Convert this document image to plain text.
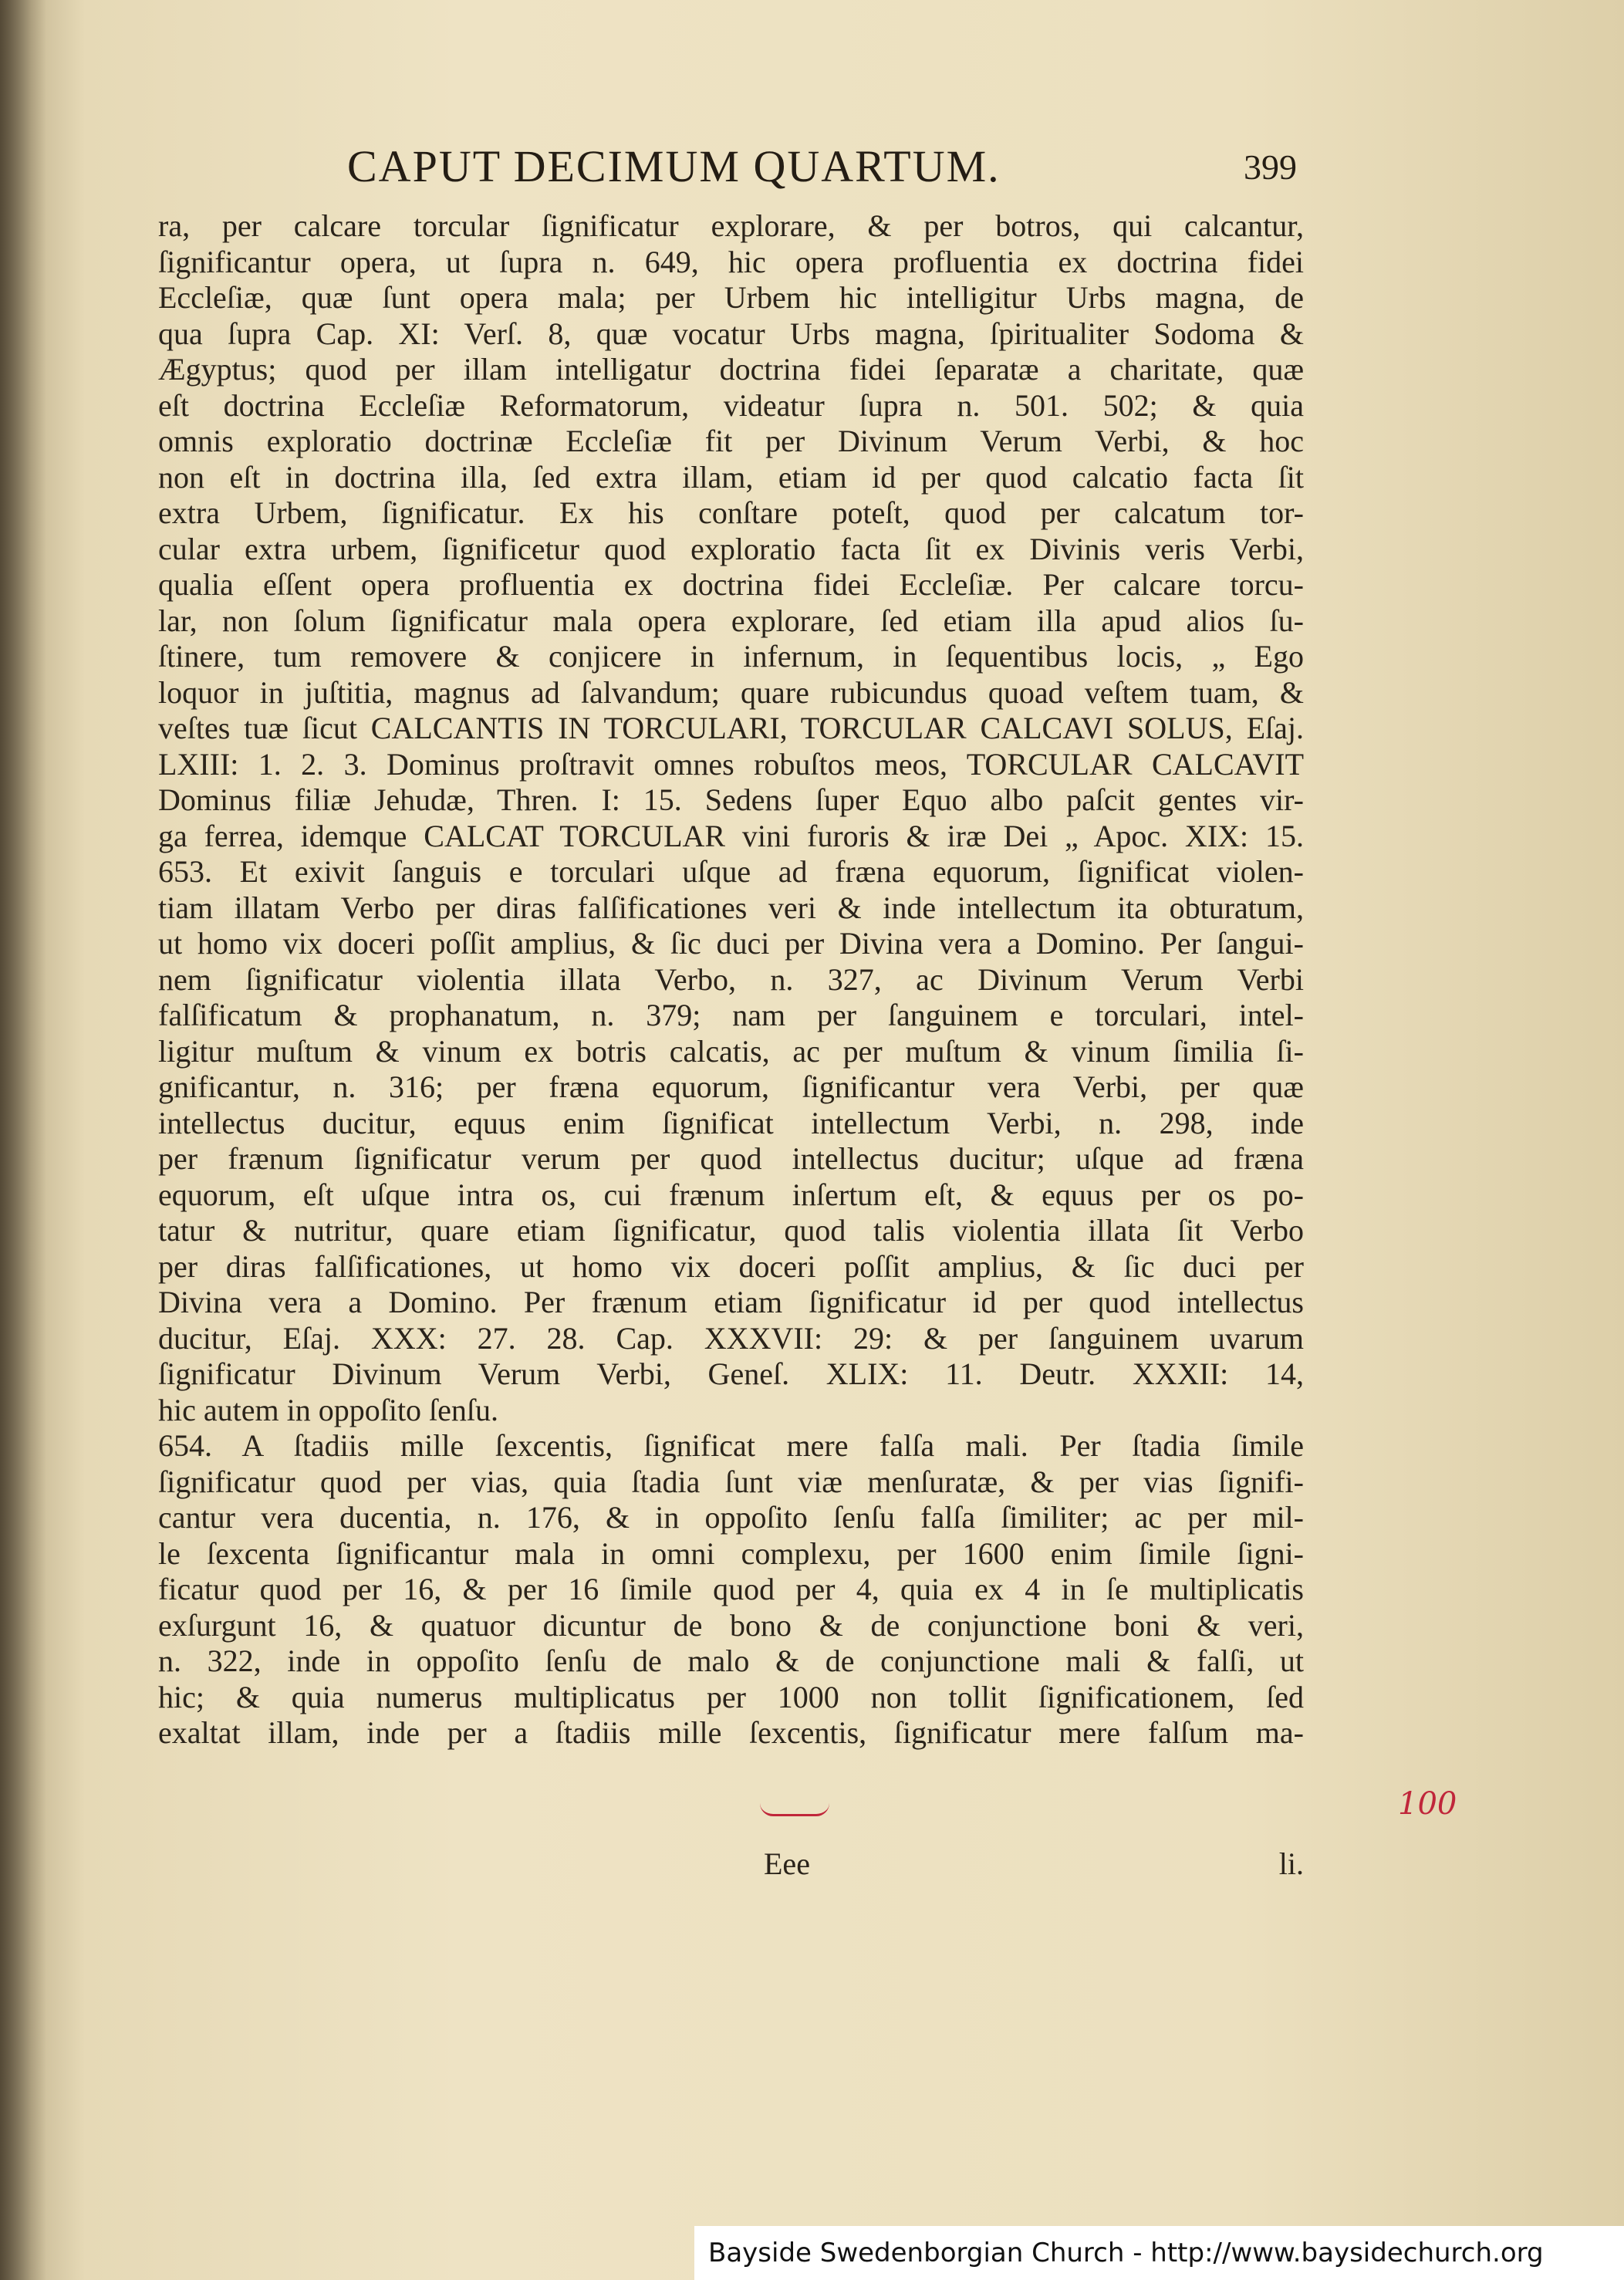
CAPUT DECIMUM QUARTUM.	399
ra, per calcare torcular ſignificatur explorare, & per botros, qui calcantur,
ſignificantur opera, ut ſupra n. 649, hic opera profluentia ex doctrina fidei
Eccleſiæ, quæ ſunt opera mala; per Urbem hic intelligitur Urbs magna, de
qua ſupra Cap. XI: Verſ. 8, quæ vocatur Urbs magna, ſpiritualiter Sodoma &
Ægyptus; quod per illam intelligatur doctrina fidei ſeparatæ a charitate, quæ
eſt doctrina Eccleſiæ Reformatorum, videatur ſupra n. 501. 502; & quia
omnis exploratio doctrinæ Eccleſiæ fit per Divinum Verum Verbi, & hoc
non eſt in doctrina illa, ſed extra illam, etiam id per quod calcatio facta ſit
extra Urbem, ſignificatur. Ex his conſtare poteſt, quod per calcatum tor-
cular extra urbem, ſignificetur quod exploratio facta ſit ex Divinis veris Verbi,
qualia eſſent opera profluentia ex doctrina fidei Eccleſiæ. Per calcare torcu-
lar, non ſolum ſignificatur mala opera explorare, ſed etiam illa apud alios ſu-
ſtinere, tum removere & conjicere in infernum, in ſequentibus locis, „ Ego
loquor in juſtitia, magnus ad ſalvandum; quare rubicundus quoad veſtem tuam, &
veſtes tuæ ſicut CALCANTIS IN TORCULARI, TORCULAR CALCAVI SOLUS, Eſaj.
LXIII: 1. 2. 3. Dominus proſtravit omnes robuſtos meos, TORCULAR CALCAVIT
Dominus filiæ Jehudæ, Thren. I: 15. Sedens ſuper Equo albo paſcit gentes vir-
ga ferrea, idemque CALCAT TORCULAR vini furoris & iræ Dei „ Apoc. XIX: 15.
653. Et exivit ſanguis e torculari uſque ad fræna equorum, ſignificat violen-
tiam illatam Verbo per diras falſificationes veri & inde intellectum ita obturatum,
ut homo vix doceri poſſit amplius, & ſic duci per Divina vera a Domino. Per ſangui-
nem ſignificatur violentia illata Verbo, n. 327, ac Divinum Verum Verbi
falſificatum & prophanatum, n. 379; nam per ſanguinem e torculari, intel-
ligitur muſtum & vinum ex botris calcatis, ac per muſtum & vinum ſimilia ſi-
gnificantur, n. 316; per fræna equorum, ſignificantur vera Verbi, per quæ
intellectus ducitur, equus enim ſignificat intellectum Verbi, n. 298, inde
per frænum ſignificatur verum per quod intellectus ducitur; uſque ad fræna
equorum, eſt uſque intra os, cui frænum inſertum eſt, & equus per os po-
tatur & nutritur, quare etiam ſignificatur, quod talis violentia illata ſit Verbo
per diras falſificationes, ut homo vix doceri poſſit amplius, & ſic duci per
Divina vera a Domino. Per frænum etiam ſignificatur id per quod intellectus
ducitur, Eſaj. XXX: 27. 28. Cap. XXXVII: 29: & per ſanguinem uvarum
ſignificatur Divinum Verum Verbi, Geneſ. XLIX: 11. Deutr. XXXII: 14,
hic autem in oppoſito ſenſu.
654. A ſtadiis mille ſexcentis, ſignificat mere falſa mali. Per ſtadia ſimile
ſignificatur quod per vias, quia ſtadia ſunt viæ menſuratæ, & per vias ſignifi-
cantur vera ducentia, n. 176, & in oppoſito ſenſu falſa ſimiliter; ac per mil-
le ſexcenta ſignificantur mala in omni complexu, per 1600 enim ſimile ſigni-
ficatur quod per 16, & per 16 ſimile quod per 4, quia ex 4 in ſe multiplicatis
exſurgunt 16, & quatuor dicuntur de bono & de conjunctione boni & veri,
n. 322, inde in oppoſito ſenſu de malo & de conjunctione mali & falſi, ut
hic; & quia numerus multiplicatus per 1000 non tollit ſignificationem, ſed
exaltat illam, inde per a ſtadiis mille ſexcentis, ſignificatur mere falſum ma-
100
Eee	li.
Bayside Swedenborgian Church - http://www.baysidechurch.org
